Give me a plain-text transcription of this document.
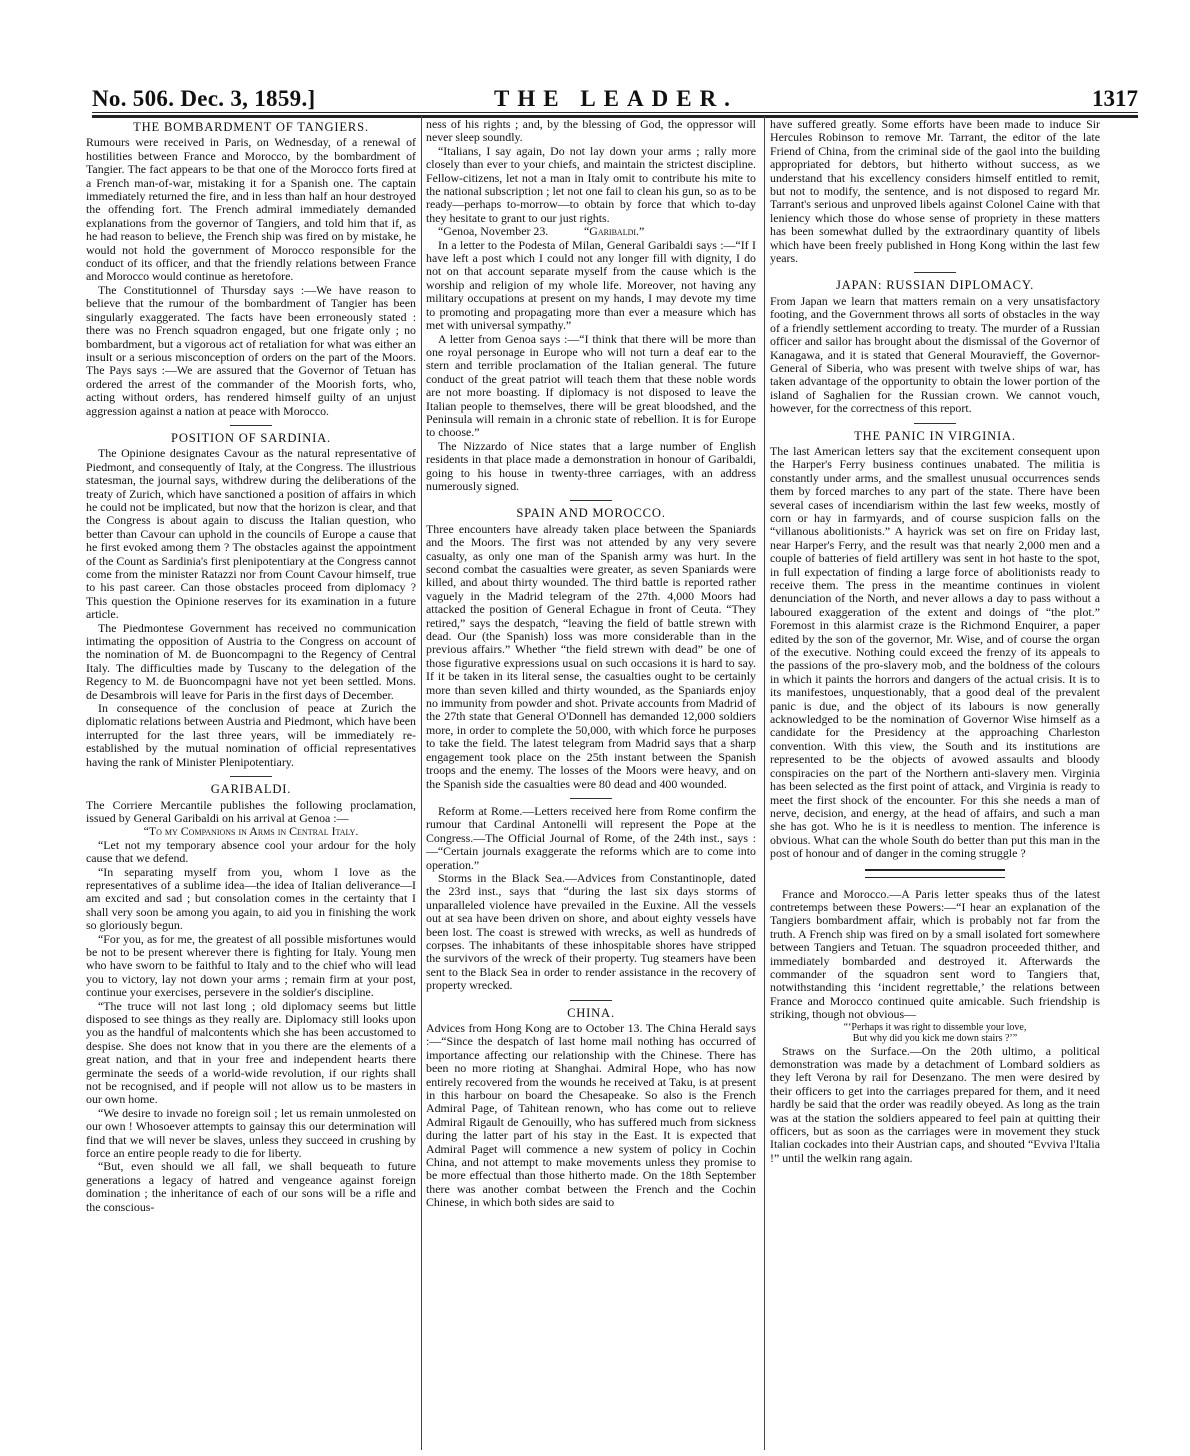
No. 506. Dec. 3, 1859.]	THE LEADER.	1317
THE BOMBARDMENT OF TANGIERS.

Rumours were received in Paris, on Wednesday, of a renewal of hostilities between France and Morocco, by the bombardment of Tangier. The fact appears to be that one of the Morocco forts fired at a French man-of-war, mistaking it for a Spanish one. The captain immediately returned the fire, and in less than half an hour destroyed the offending fort. The French admiral immediately demanded explanations from the governor of Tangiers, and told him that if, as he had reason to believe, the French ship was fired on by mistake, he would not hold the government of Morocco responsible for the conduct of its officer, and that the friendly relations between France and Morocco would continue as heretofore.

The Constitutionnel of Thursday says :—We have reason to believe that the rumour of the bombardment of Tangier has been singularly exaggerated. The facts have been erroneously stated : there was no French squadron engaged, but one frigate only ; no bombardment, but a vigorous act of retaliation for what was either an insult or a serious misconception of orders on the part of the Moors. The Pays says :—We are assured that the Governor of Tetuan has ordered the arrest of the commander of the Moorish forts, who, acting without orders, has rendered himself guilty of an unjust aggression against a nation at peace with Morocco.

POSITION OF SARDINIA.

The Opinione designates Cavour as the natural representative of Piedmont, and consequently of Italy, at the Congress. The illustrious statesman, the journal says, withdrew during the deliberations of the treaty of Zurich, which have sanctioned a position of affairs in which he could not be implicated, but now that the horizon is clear, and that the Congress is about again to discuss the Italian question, who better than Cavour can uphold in the councils of Europe a cause that he first evoked among them ? The obstacles against the appointment of the Count as Sardinia's first plenipotentiary at the Congress cannot come from the minister Ratazzi nor from Count Cavour himself, true to his past career. Can those obstacles proceed from diplomacy ? This question the Opinione reserves for its examination in a future article.

The Piedmontese Government has received no communication intimating the opposition of Austria to the Congress on account of the nomination of M. de Buoncompagni to the Regency of Central Italy. The difficulties made by Tuscany to the delegation of the Regency to M. de Buoncompagni have not yet been settled. Mons. de Desambrois will leave for Paris in the first days of December.

In consequence of the conclusion of peace at Zurich the diplomatic relations between Austria and Piedmont, which have been interrupted for the last three years, will be immediately re-established by the mutual nomination of official representatives having the rank of Minister Plenipotentiary.

GARIBALDI.

The Corriere Mercantile publishes the following proclamation, issued by General Garibaldi on his arrival at Genoa :—

“To my Companions in Arms in Central Italy.

“Let not my temporary absence cool your ardour for the holy cause that we defend.

“In separating myself from you, whom I love as the representatives of a sublime idea—the idea of Italian deliverance—I am excited and sad ; but consolation comes in the certainty that I shall very soon be among you again, to aid you in finishing the work so gloriously begun.

“For you, as for me, the greatest of all possible misfortunes would be not to be present wherever there is fighting for Italy. Young men who have sworn to be faithful to Italy and to the chief who will lead you to victory, lay not down your arms ; remain firm at your post, continue your exercises, persevere in the soldier's discipline.

“The truce will not last long ; old diplomacy seems but little disposed to see things as they really are. Diplomacy still looks upon you as the handful of malcontents which she has been accustomed to despise. She does not know that in you there are the elements of a great nation, and that in your free and independent hearts there germinate the seeds of a world-wide revolution, if our rights shall not be recognised, and if people will not allow us to be masters in our own home.

“We desire to invade no foreign soil ; let us remain unmolested on our own ! Whosoever attempts to gainsay this our determination will find that we will never be slaves, unless they succeed in crushing by force an entire people ready to die for liberty.

“But, even should we all fall, we shall bequeath to future generations a legacy of hatred and vengeance against foreign domination ; the inheritance of each of our sons will be a rifle and the conscious-

ness of his rights ; and, by the blessing of God, the oppressor will never sleep soundly.

“Italians, I say again, Do not lay down your arms ; rally more closely than ever to your chiefs, and maintain the strictest discipline. Fellow-citizens, let not a man in Italy omit to contribute his mite to the national subscription ; let not one fail to clean his gun, so as to be ready—perhaps to-morrow—to obtain by force that which to-day they hesitate to grant to our just rights.

“Genoa, November 23.	“Garibaldi.”

In a letter to the Podesta of Milan, General Garibaldi says :—“If I have left a post which I could not any longer fill with dignity, I do not on that account separate myself from the cause which is the worship and religion of my whole life. Moreover, not having any military occupations at present on my hands, I may devote my time to promoting and propagating more than ever a measure which has met with universal sympathy.”

A letter from Genoa says :—“I think that there will be more than one royal personage in Europe who will not turn a deaf ear to the stern and terrible proclamation of the Italian general. The future conduct of the great patriot will teach them that these noble words are not more boasting. If diplomacy is not disposed to leave the Italian people to themselves, there will be great bloodshed, and the Peninsula will remain in a chronic state of rebellion. It is for Europe to choose.”

The Nizzardo of Nice states that a large number of English residents in that place made a demonstration in honour of Garibaldi, going to his house in twenty-three carriages, with an address numerously signed.

SPAIN AND MOROCCO.

Three encounters have already taken place between the Spaniards and the Moors. The first was not attended by any very severe casualty, as only one man of the Spanish army was hurt. In the second combat the casualties were greater, as seven Spaniards were killed, and about thirty wounded. The third battle is reported rather vaguely in the Madrid telegram of the 27th. 4,000 Moors had attacked the position of General Echague in front of Ceuta. “They retired,” says the despatch, “leaving the field of battle strewn with dead. Our (the Spanish) loss was more considerable than in the previous affairs.” Whether “the field strewn with dead” be one of those figurative expressions usual on such occasions it is hard to say. If it be taken in its literal sense, the casualties ought to be certainly more than seven killed and thirty wounded, as the Spaniards enjoy no immunity from powder and shot. Private accounts from Madrid of the 27th state that General O'Donnell has demanded 12,000 soldiers more, in order to complete the 50,000, with which force he purposes to take the field. The latest telegram from Madrid says that a sharp engagement took place on the 25th instant between the Spanish troops and the enemy. The losses of the Moors were heavy, and on the Spanish side the casualties were 80 dead and 400 wounded.

Reform at Rome.—Letters received here from Rome confirm the rumour that Cardinal Antonelli will represent the Pope at the Congress.—The Official Journal of Rome, of the 24th inst., says :—“Certain journals exaggerate the reforms which are to come into operation.”

Storms in the Black Sea.—Advices from Constantinople, dated the 23rd inst., says that “during the last six days storms of unparalleled violence have prevailed in the Euxine. All the vessels out at sea have been driven on shore, and about eighty vessels have been lost. The coast is strewed with wrecks, as well as hundreds of corpses. The inhabitants of these inhospitable shores have stripped the survivors of the wreck of their property. Tug steamers have been sent to the Black Sea in order to render assistance in the recovery of property wrecked.

CHINA.

Advices from Hong Kong are to October 13. The China Herald says :—“Since the despatch of last home mail nothing has occurred of importance affecting our relationship with the Chinese. There has been no more rioting at Shanghai. Admiral Hope, who has now entirely recovered from the wounds he received at Taku, is at present in this harbour on board the Chesapeake. So also is the French Admiral Page, of Tahitean renown, who has come out to relieve Admiral Rigault de Genouilly, who has suffered much from sickness during the latter part of his stay in the East. It is expected that Admiral Paget will commence a new system of policy in Cochin China, and not attempt to make movements unless they promise to be more effectual than those hitherto made. On the 18th September there was another combat between the French and the Cochin Chinese, in which both sides are said to

have suffered greatly. Some efforts have been made to induce Sir Hercules Robinson to remove Mr. Tarrant, the editor of the late Friend of China, from the criminal side of the gaol into the building appropriated for debtors, but hitherto without success, as we understand that his excellency considers himself entitled to remit, but not to modify, the sentence, and is not disposed to regard Mr. Tarrant's serious and unproved libels against Colonel Caine with that leniency which those do whose sense of propriety in these matters has been somewhat dulled by the extraordinary quantity of libels which have been freely published in Hong Kong within the last few years.

JAPAN: RUSSIAN DIPLOMACY.

From Japan we learn that matters remain on a very unsatisfactory footing, and the Government throws all sorts of obstacles in the way of a friendly settlement according to treaty. The murder of a Russian officer and sailor has brought about the dismissal of the Governor of Kanagawa, and it is stated that General Mouravieff, the Governor-General of Siberia, who was present with twelve ships of war, has taken advantage of the opportunity to obtain the lower portion of the island of Saghalien for the Russian crown. We cannot vouch, however, for the correctness of this report.

THE PANIC IN VIRGINIA.

The last American letters say that the excitement consequent upon the Harper's Ferry business continues unabated. The militia is constantly under arms, and the smallest unusual occurrences sends them by forced marches to any part of the state. There have been several cases of incendiarism within the last few weeks, mostly of corn or hay in farmyards, and of course suspicion falls on the “villanous abolitionists.” A hayrick was set on fire on Friday last, near Harper's Ferry, and the result was that nearly 2,000 men and a couple of batteries of field artillery was sent in hot haste to the spot, in full expectation of finding a large force of abolitionists ready to receive them. The press in the meantime continues in violent denunciation of the North, and never allows a day to pass without a laboured exaggeration of the extent and doings of “the plot.” Foremost in this alarmist craze is the Richmond Enquirer, a paper edited by the son of the governor, Mr. Wise, and of course the organ of the executive. Nothing could exceed the frenzy of its appeals to the passions of the pro-slavery mob, and the boldness of the colours in which it paints the horrors and dangers of the actual crisis. It is to its manifestoes, unquestionably, that a good deal of the prevalent panic is due, and the object of its labours is now generally acknowledged to be the nomination of Governor Wise himself as a candidate for the Presidency at the approaching Charleston convention. With this view, the South and its institutions are represented to be the objects of avowed assaults and bloody conspiracies on the part of the Northern anti-slavery men. Virginia has been selected as the first point of attack, and Virginia is ready to meet the first shock of the encounter. For this she needs a man of nerve, decision, and energy, at the head of affairs, and such a man she has got. Who he is it is needless to mention. The inference is obvious. What can the whole South do better than put this man in the post of honour and of danger in the coming struggle ?

France and Morocco.—A Paris letter speaks thus of the latest contretemps between these Powers:—“I hear an explanation of the Tangiers bombardment affair, which is probably not far from the truth. A French ship was fired on by a small isolated fort somewhere between Tangiers and Tetuan. The squadron proceeded thither, and immediately bombarded and destroyed it. Afterwards the commander of the squadron sent word to Tangiers that, notwithstanding this ‘incident regrettable,’ the relations between France and Morocco continued quite amicable. Such friendship is striking, though not obvious—

“‘Perhaps it was right to dissemble your love,

But why did you kick me down stairs ?’”

Straws on the Surface.—On the 20th ultimo, a political demonstration was made by a detachment of Lombard soldiers as they left Verona by rail for Desenzano. The men were desired by their officers to get into the carriages prepared for them, and it need hardly be said that the order was readily obeyed. As long as the train was at the station the soldiers appeared to feel pain at quitting their officers, but as soon as the carriages were in movement they stuck Italian cockades into their Austrian caps, and shouted “Evviva l'Italia !” until the welkin rang again.
